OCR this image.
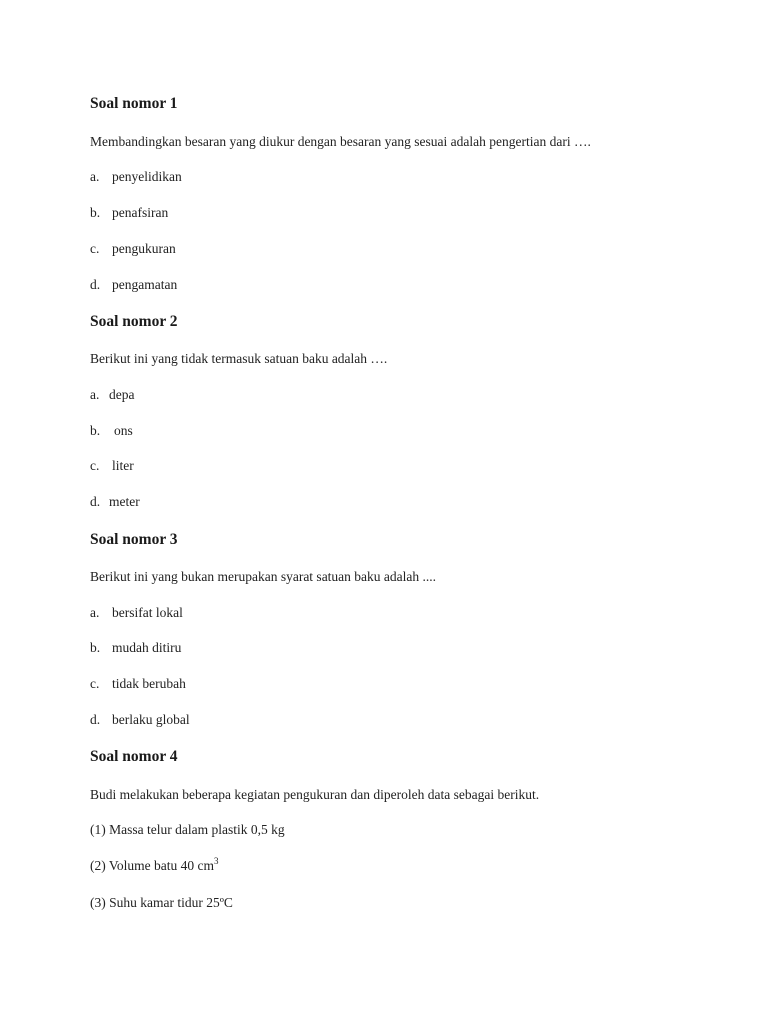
Soal nomor 1
Membandingkan besaran yang diukur dengan besaran yang sesuai adalah pengertian dari ….
a. penyelidikan
b. penafsiran
c. pengukuran
d. pengamatan
Soal nomor 2
Berikut ini yang tidak termasuk satuan baku adalah ….
a. depa
b. ons
c. liter
d. meter
Soal nomor 3
Berikut ini yang bukan merupakan syarat satuan baku adalah ....
a. bersifat lokal
b. mudah ditiru
c. tidak berubah
d. berlaku global
Soal nomor 4
Budi melakukan beberapa kegiatan pengukuran dan diperoleh data sebagai berikut.
(1) Massa telur dalam plastik 0,5 kg
(2) Volume batu 40 $cm^3$
(3) Suhu kamar tidur 25ºC
